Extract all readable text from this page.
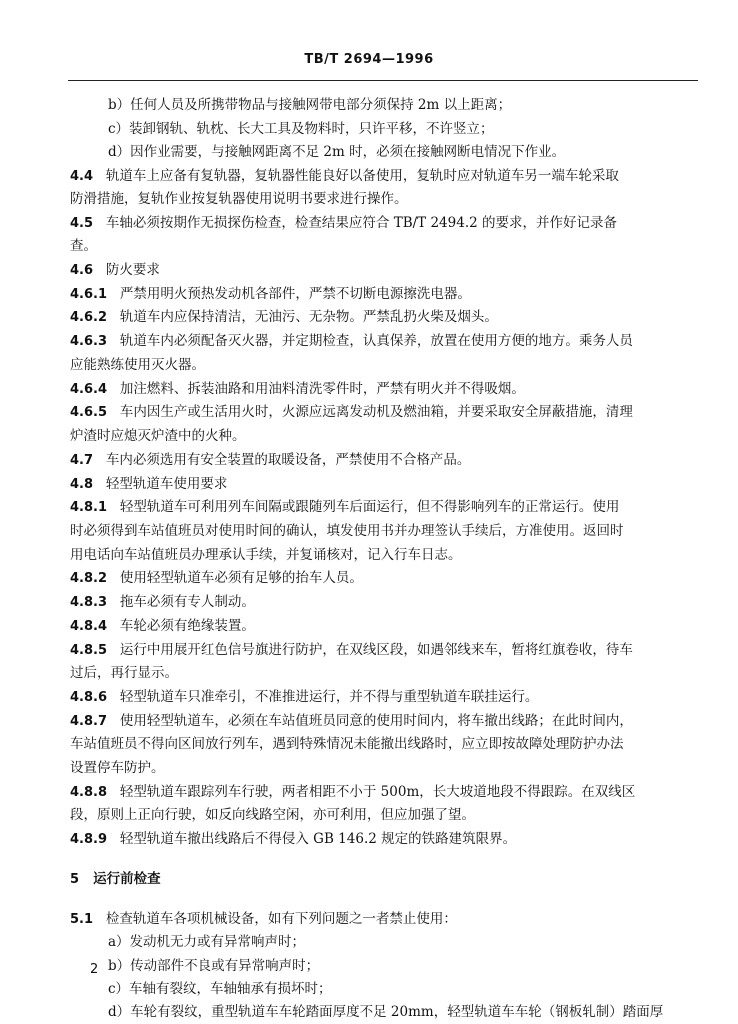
TB/T 2694—1996
b）任何人员及所携带物品与接触网带电部分须保持 2m 以上距离；
c）装卸钢轨、轨枕、长大工具及物料时，只许平移，不许竖立；
d）因作业需要，与接触网距离不足 2m 时，必须在接触网断电情况下作业。
4.4 轨道车上应备有复轨器，复轨器性能良好以备使用，复轨时应对轨道车另一端车轮采取
防滑措施，复轨作业按复轨器使用说明书要求进行操作。
4.5 车轴必须按期作无损探伤检查，检查结果应符合 TB/T 2494.2 的要求，并作好记录备
查。
4.6 防火要求
4.6.1 严禁用明火预热发动机各部件，严禁不切断电源擦洗电器。
4.6.2 轨道车内应保持清洁，无油污、无杂物。严禁乱扔火柴及烟头。
4.6.3 轨道车内必须配备灭火器，并定期检查，认真保养，放置在使用方便的地方。乘务人员
应能熟练使用灭火器。
4.6.4 加注燃料、拆装油路和用油料清洗零件时，严禁有明火并不得吸烟。
4.6.5 车内因生产或生活用火时，火源应远离发动机及燃油箱，并要采取安全屏蔽措施，清理
炉渣时应熄灭炉渣中的火种。
4.7 车内必须选用有安全装置的取暖设备，严禁使用不合格产品。
4.8 轻型轨道车使用要求
4.8.1 轻型轨道车可利用列车间隔或跟随列车后面运行，但不得影响列车的正常运行。使用
时必须得到车站值班员对使用时间的确认，填发使用书并办理签认手续后，方准使用。返回时
用电话向车站值班员办理承认手续，并复诵核对，记入行车日志。
4.8.2 使用轻型轨道车必须有足够的抬车人员。
4.8.3 拖车必须有专人制动。
4.8.4 车轮必须有绝缘装置。
4.8.5 运行中用展开红色信号旗进行防护，在双线区段，如遇邻线来车，暂将红旗卷收，待车
过后，再行显示。
4.8.6 轻型轨道车只准牵引，不准推进运行，并不得与重型轨道车联挂运行。
4.8.7 使用轻型轨道车，必须在车站值班员同意的使用时间内，将车撤出线路；在此时间内，
车站值班员不得向区间放行列车，遇到特殊情况未能撤出线路时，应立即按故障处理防护办法
设置停车防护。
4.8.8 轻型轨道车跟踪列车行驶，两者相距不小于 500m，长大坡道地段不得跟踪。在双线区
段，原则上正向行驶，如反向线路空闲，亦可利用，但应加强了望。
4.8.9 轻型轨道车撤出线路后不得侵入 GB 146.2 规定的铁路建筑限界。
5 运行前检查
5.1 检查轨道车各项机械设备，如有下列问题之一者禁止使用：
a）发动机无力或有异常响声时；
b）传动部件不良或有异常响声时；
c）车轴有裂纹，车轴轴承有损坏时；
d）车轮有裂纹，重型轨道车车轮踏面厚度不足 20mm，轻型轨道车车轮（钢板轧制）踏面厚
2
